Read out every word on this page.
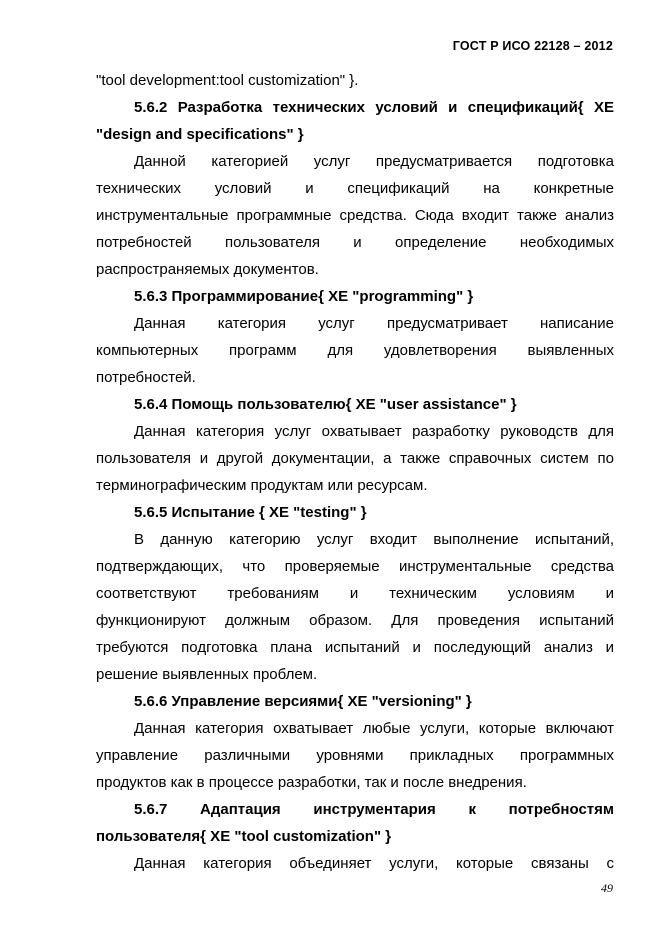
ГОСТ Р ИСО 22128 – 2012
"tool development:tool customization" }.
5.6.2 Разработка технических условий и спецификаций{ XE
"design and specifications" }
Данной категорией услуг предусматривается подготовка
технических условий и спецификаций на конкретные
инструментальные программные средства. Сюда входит также анализ
потребностей пользователя и определение необходимых
распространяемых документов.
5.6.3 Программирование{ XE "programming" }
Данная категория услуг предусматривает написание
компьютерных программ для удовлетворения выявленных
потребностей.
5.6.4 Помощь пользователю{ XE "user assistance" }
Данная категория услуг охватывает разработку руководств для
пользователя и другой документации, а также справочных систем по
терминографическим продуктам или ресурсам.
5.6.5 Испытание { XE "testing" }
В данную категорию услуг входит выполнение испытаний,
подтверждающих, что проверяемые инструментальные средства
соответствуют требованиям и техническим условиям и
функционируют должным образом. Для проведения испытаний
требуются подготовка плана испытаний и последующий анализ и
решение выявленных проблем.
5.6.6 Управление версиями{ XE "versioning" }
Данная категория охватывает любые услуги, которые включают
управление различными уровнями прикладных программных
продуктов как в процессе разработки, так и после внедрения.
5.6.7 Адаптация инструментария к потребностям
пользователя{ XE "tool customization" }
Данная категория объединяет услуги, которые связаны с
49
